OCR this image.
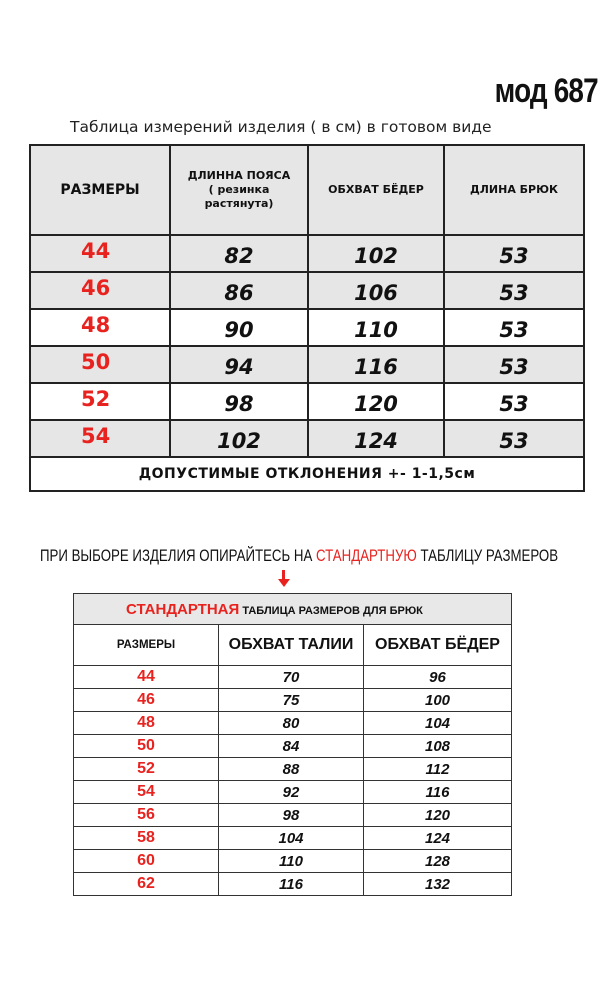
мод 687
Таблица измерений изделия ( в см) в готовом виде
РАЗМЕРЫ	ДЛИННА ПОЯСА
( резинка
растянута)	ОБХВАТ БЁДЕР	ДЛИНА БРЮК
44	82	102	53
46	86	106	53
48	90	110	53
50	94	116	53
52	98	120	53
54	102	124	53
ДОПУСТИМЫЕ ОТКЛОНЕНИЯ +- 1-1,5см			
ПРИ ВЫБОРЕ ИЗДЕЛИЯ ОПИРАЙТЕСЬ НА СТАНДАРТНУЮ ТАБЛИЦУ РАЗМЕРОВ
СТАНДАРТНАЯ ТАБЛИЦА РАЗМЕРОВ ДЛЯ БРЮК		
РАЗМЕРЫ	ОБХВАТ ТАЛИИ	ОБХВАТ БЁДЕР
44	70	96
46	75	100
48	80	104
50	84	108
52	88	112
54	92	116
56	98	120
58	104	124
60	110	128
62	116	132
